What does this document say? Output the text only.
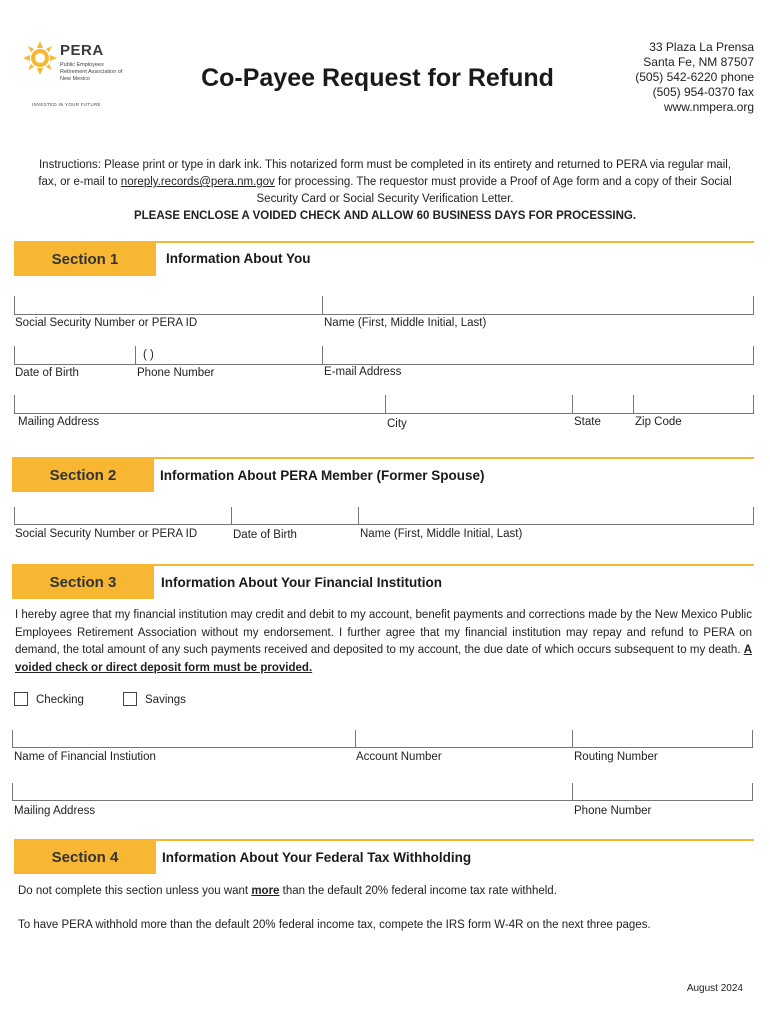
PERA
Public Employees Retirement Association of New Mexico
INVESTED IN YOUR FUTURE
Co-Payee Request for Refund
33 Plaza La Prensa
Santa Fe, NM 87507
(505) 542-6220 phone
(505) 954-0370 fax
www.nmpera.org
Instructions: Please print or type in dark ink. This notarized form must be completed in its entirety and returned to PERA via regular mail, fax, or e-mail to noreply.records@pera.nm.gov for processing. The requestor must provide a Proof of Age form and a copy of their Social Security Card or Social Security Verification Letter.
PLEASE ENCLOSE A VOIDED CHECK AND ALLOW 60 BUSINESS DAYS FOR PROCESSING.
Section 1	Information About You
Social Security Number or PERA ID	Name (First, Middle Initial, Last)
( )
Date of Birth	Phone Number	E-mail Address
Mailing Address	City	State	Zip Code
Section 2	Information About PERA Member (Former Spouse)
Social Security Number or PERA ID	Date of Birth	Name (First, Middle Initial, Last)
Section 3	Information About Your Financial Institution
I hereby agree that my financial institution may credit and debit to my account, benefit payments and corrections made by the New Mexico Public Employees Retirement Association without my endorsement. I further agree that my financial institution may repay and refund to PERA on demand, the total amount of any such payments received and deposited to my account, the due date of which occurs subsequent to my death. A voided check or direct deposit form must be provided.
Checking	Savings
Name of Financial Instiution	Account Number	Routing Number
Mailing Address	Phone Number
Section 4	Information About Your Federal Tax Withholding
Do not complete this section unless you want more than the default 20% federal income tax rate withheld.
To have PERA withhold more than the default 20% federal income tax, compete the IRS form W-4R on the next three pages.
August 2024
